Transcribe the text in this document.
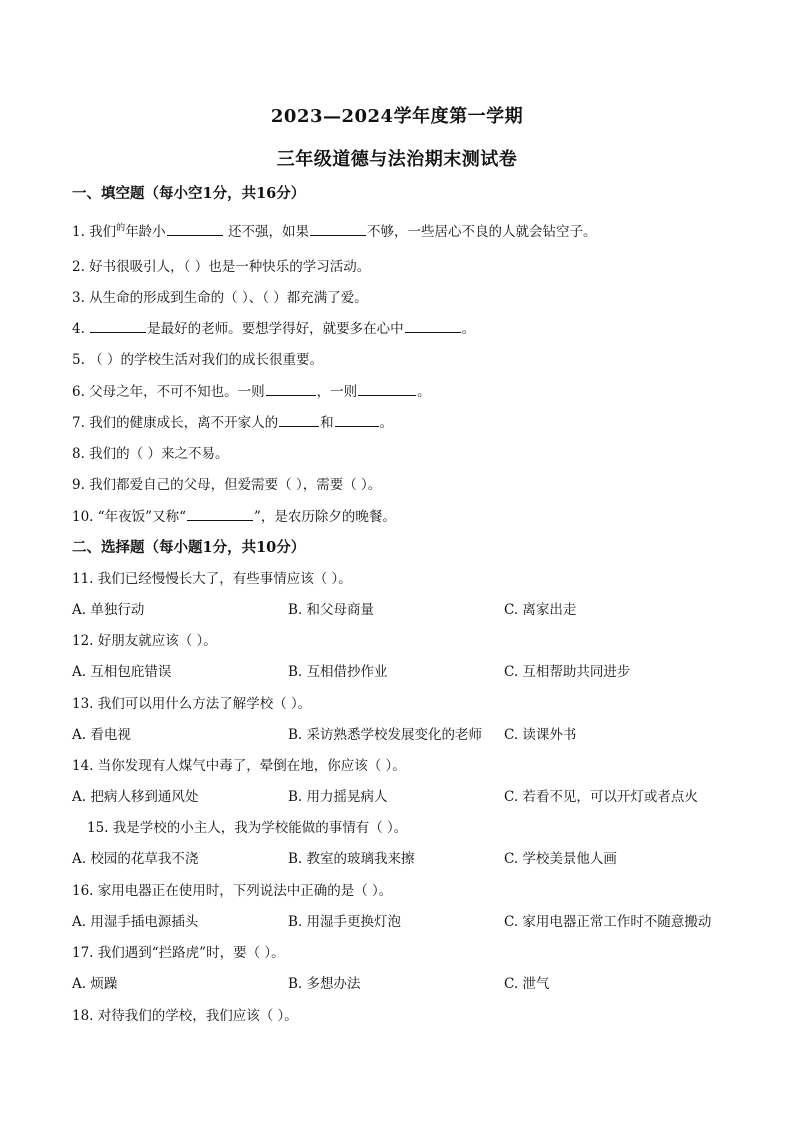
2023—2024学年度第一学期
三年级道德与法治期末测试卷
一、填空题（每小空1分，共16分）
1. 我们$^的$年龄小	还不强，如果	不够，一些居心不良的人就会钻空子。
2. 好书很吸引人，（ ）也是一种快乐的学习活动。
3. 从生命的形成到生命的（ ）、（ ）都充满了爱。
4.	是最好的老师。要想学得好，就要多在心中	。
5. （ ）的学校生活对我们的成长很重要。
6. 父母之年，不可不知也。一则	，一则	。
7. 我们的健康成长，离不开家人的	和	。
8. 我们的（ ）来之不易。
9. 我们都爱自己的父母，但爱需要（ ），需要（ ）。
10. “年夜饭”又称“	”，是农历除夕的晚餐。
二、选择题（每小题1分，共10分）
11. 我们已经慢慢长大了，有些事情应该（ ）。
A. 单独行动	B. 和父母商量	C. 离家出走
12. 好朋友就应该（ ）。
A. 互相包庇错误	B. 互相借抄作业	C. 互相帮助共同进步
13. 我们可以用什么方法了解学校（ ）。
A. 看电视	B. 采访熟悉学校发展变化的老师 C. 读课外书
14. 当你发现有人煤气中毒了，晕倒在地，你应该（ ）。
A. 把病人移到通风处	B. 用力摇晃病人	C. 若看不见，可以开灯或者点火
15. 我是学校的小主人，我为学校能做的事情有（ ）。
A. 校园的花草我不浇	B. 教室的玻璃我来擦	C. 学校美景他人画
16. 家用电器正在使用时，下列说法中正确的是（ ）。
A. 用湿手插电源插头	B. 用湿手更换灯泡	C. 家用电器正常工作时不随意搬动
17. 我们遇到“拦路虎”时，要（ ）。
A. 烦躁	B. 多想办法	C. 泄气
18. 对待我们的学校，我们应该（ ）。
